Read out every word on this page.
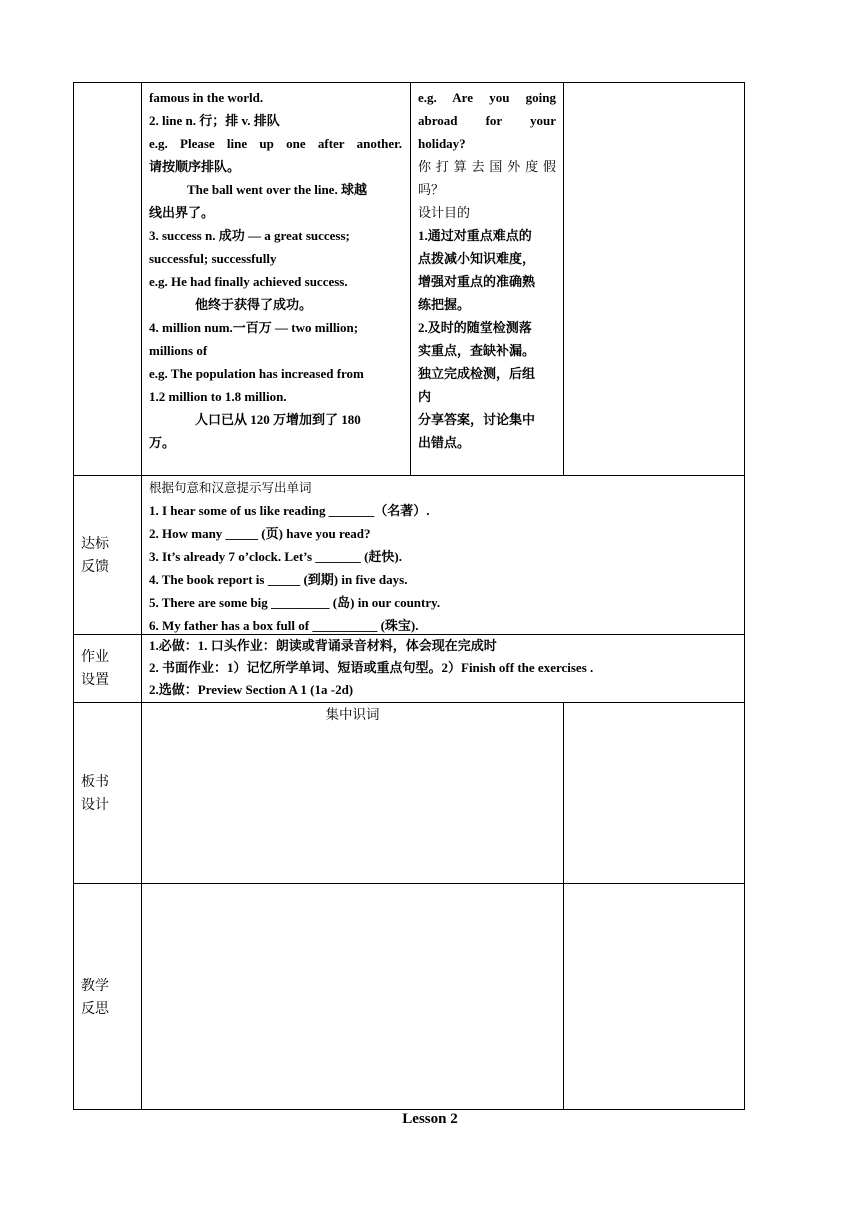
famous in the world.
2. line n. 行；排 v. 排队
e.g. Please line up one after another.
请按顺序排队。
The ball went over the line. 球越
线出界了。
3. success n. 成功 — a great success;
successful; successfully
e.g. He had finally achieved success.
他终于获得了成功。
4. million num.一百万 — two million;
millions of
e.g. The population has increased from
1.2 million to 1.8 million.
人口已从 120 万增加到了 180
万。
e.g. Are you going
abroad for your
holiday?
你打算去国外度假
吗？
设计目的
1.通过对重点难点的
点拨减小知识难度，
增强对重点的准确熟
练把握。
2.及时的随堂检测落
实重点，查缺补漏。
独立完成检测，后组
内
分享答案，讨论集中
出错点。
达标
反馈
根据句意和汉意提示写出单词
1. I hear some of us like reading _______（名著）.
2. How many _____ (页) have you read?
3. It’s already 7 o’clock. Let’s _______ (赶快).
4. The book report is _____ (到期) in five days.
5. There are some big _________ (岛) in our country.
6. My father has a box full of __________ (珠宝).
作业
设置
1.必做：1. 口头作业：朗读或背诵录音材料，体会现在完成时
2. 书面作业：1）记忆所学单词、短语或重点句型。2）Finish off the exercises .
2.选做：Preview Section A 1 (1a -2d)
板书
设计
集中识词
教学
反思
Lesson 2
